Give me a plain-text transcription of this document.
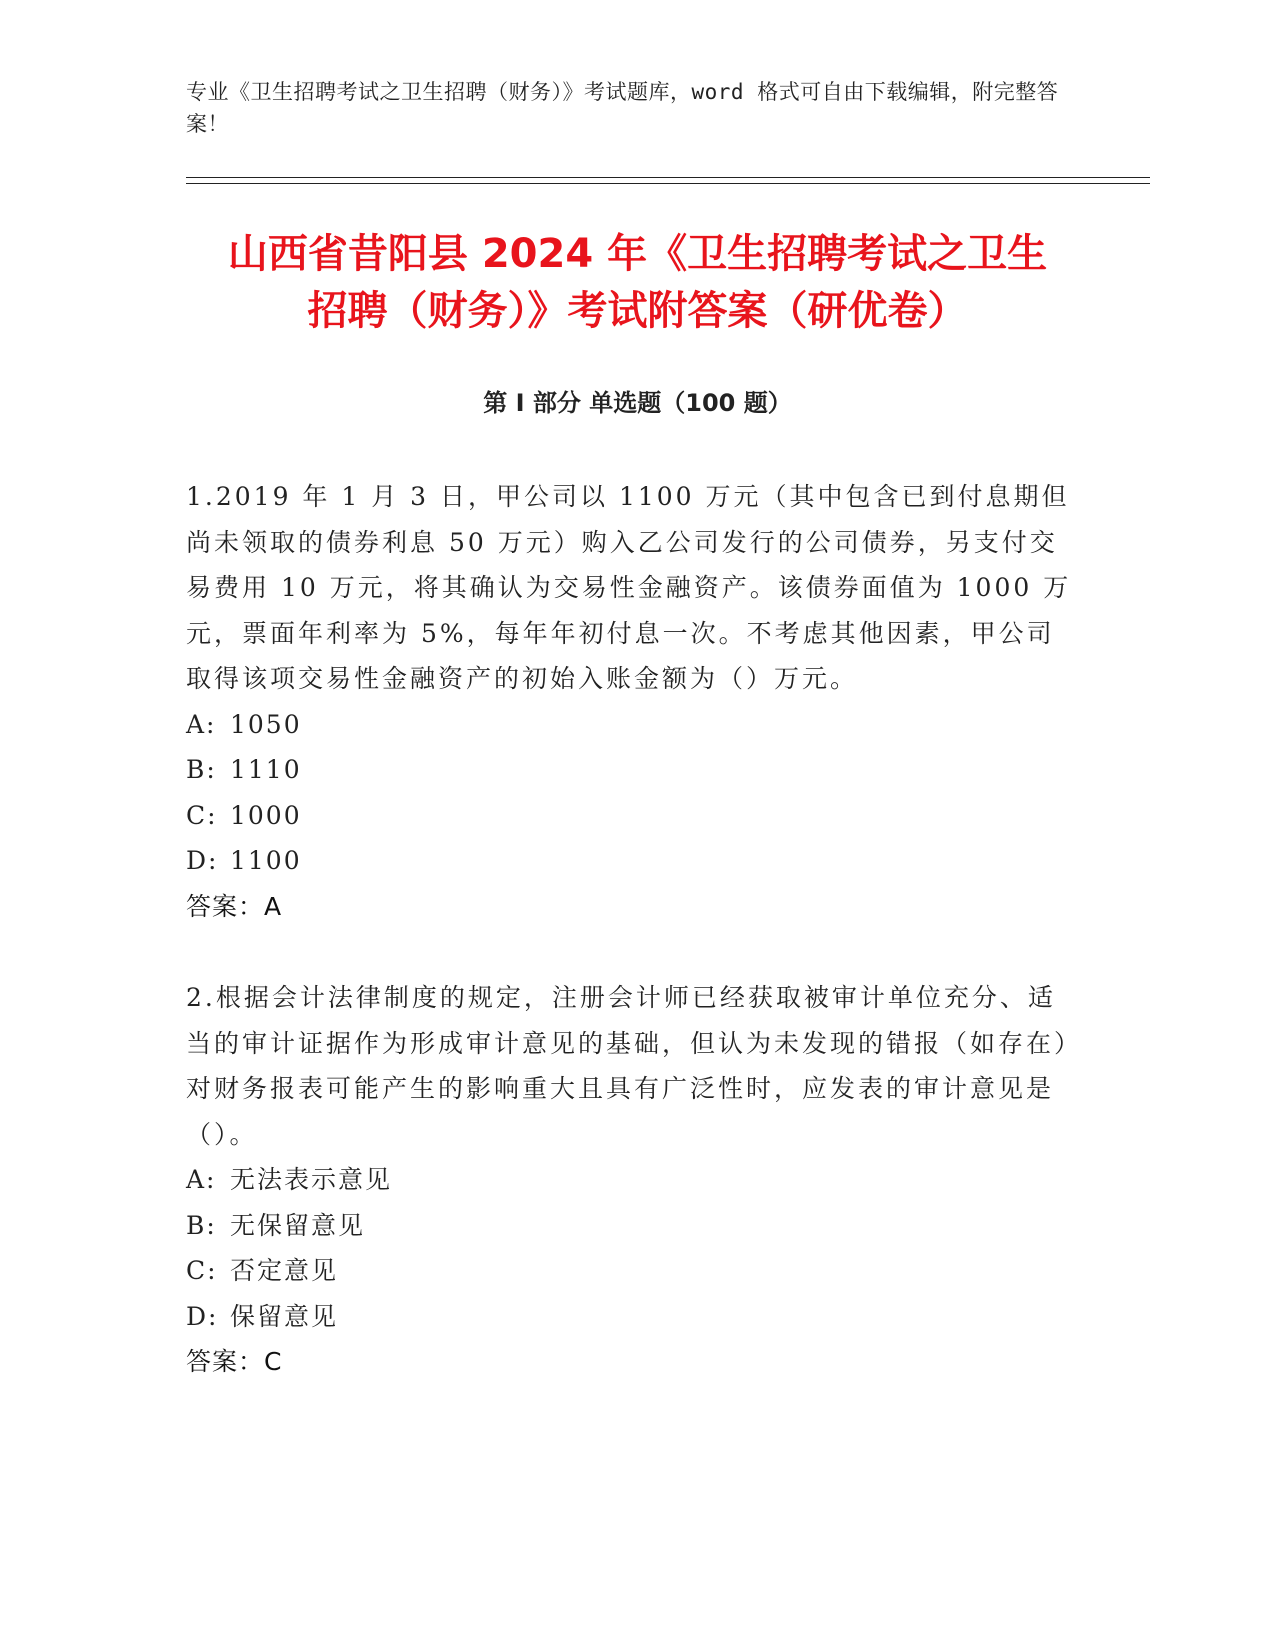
专业《卫生招聘考试之卫生招聘（财务）》考试题库，word 格式可自由下载编辑，附完整答案！
山西省昔阳县 2024 年《卫生招聘考试之卫生
招聘（财务）》考试附答案（研优卷）
第 I 部分 单选题（100 题）

1.2019 年 1 月 3 日，甲公司以 1100 万元（其中包含已到付息期但尚未领取的债券利息 50 万元）购入乙公司发行的公司债券，另支付交易费用 10 万元，将其确认为交易性金融资产。该债券面值为 1000 万元，票面年利率为 5%，每年年初付息一次。不考虑其他因素，甲公司取得该项交易性金融资产的初始入账金额为（）万元。

A: 1050
B: 1110
C: 1000
D: 1100
答案：A

2.根据会计法律制度的规定，注册会计师已经获取被审计单位充分、适当的审计证据作为形成审计意见的基础，但认为未发现的错报（如存在）对财务报表可能产生的影响重大且具有广泛性时，应发表的审计意见是（）。

A: 无法表示意见
B: 无保留意见
C: 否定意见
D: 保留意见
答案：C
